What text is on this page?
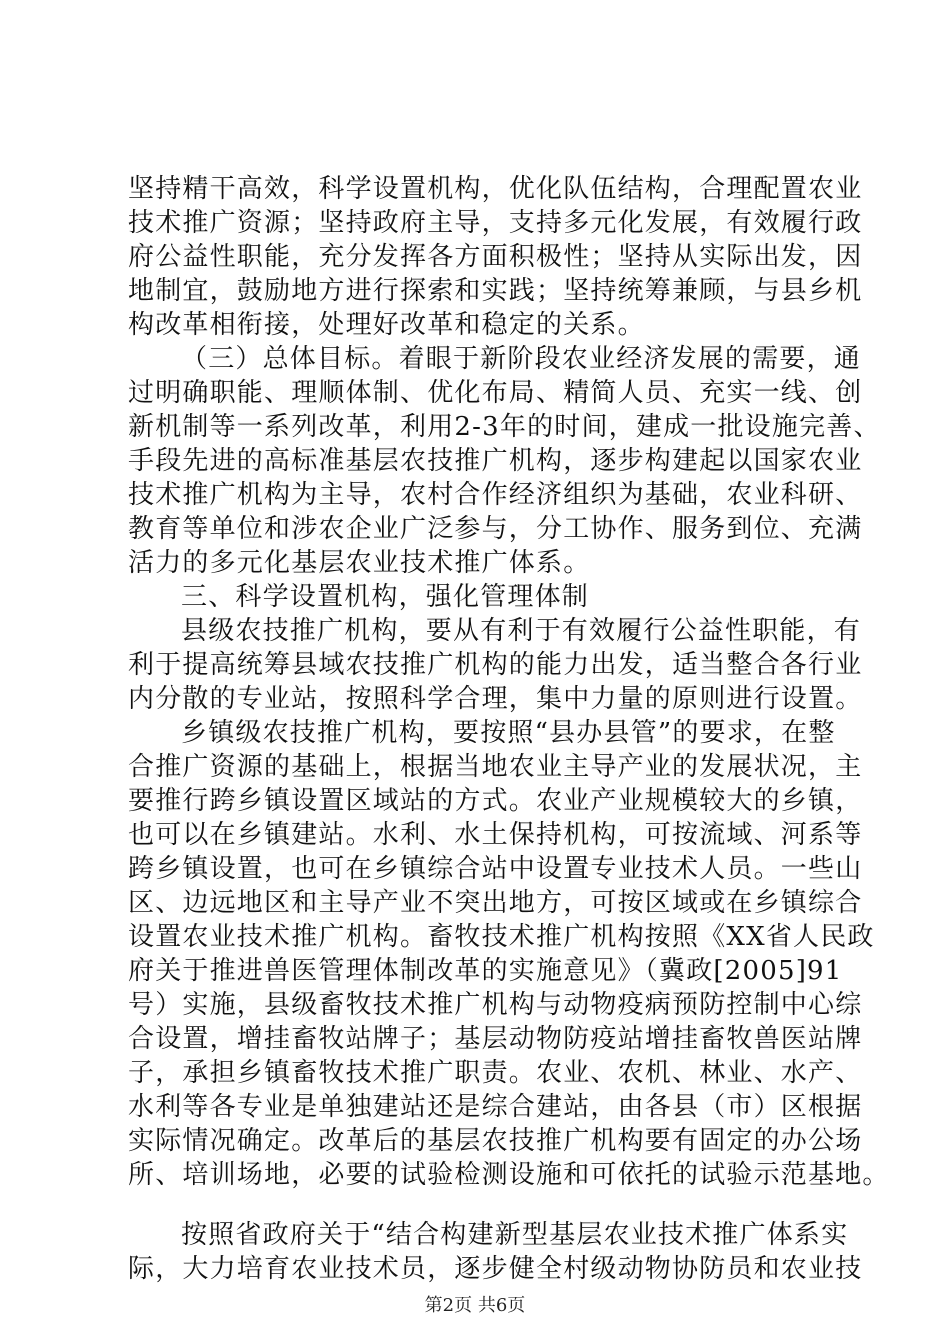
坚持精干高效，科学设置机构，优化队伍结构，合理配置农业
技术推广资源；坚持政府主导，支持多元化发展，有效履行政
府公益性职能，充分发挥各方面积极性；坚持从实际出发，因
地制宜，鼓励地方进行探索和实践；坚持统筹兼顾，与县乡机
构改革相衔接，处理好改革和稳定的关系。
（三）总体目标。着眼于新阶段农业经济发展的需要，通
过明确职能、理顺体制、优化布局、精简人员、充实一线、创
新机制等一系列改革，利用2-3年的时间，建成一批设施完善、
手段先进的高标准基层农技推广机构，逐步构建起以国家农业
技术推广机构为主导，农村合作经济组织为基础，农业科研、
教育等单位和涉农企业广泛参与，分工协作、服务到位、充满
活力的多元化基层农业技术推广体系。
三、科学设置机构，强化管理体制
县级农技推广机构，要从有利于有效履行公益性职能，有
利于提高统筹县域农技推广机构的能力出发，适当整合各行业
内分散的专业站，按照科学合理，集中力量的原则进行设置。
乡镇级农技推广机构，要按照“县办县管”的要求，在整
合推广资源的基础上，根据当地农业主导产业的发展状况，主
要推行跨乡镇设置区域站的方式。农业产业规模较大的乡镇，
也可以在乡镇建站。水利、水土保持机构，可按流域、河系等
跨乡镇设置，也可在乡镇综合站中设置专业技术人员。一些山
区、边远地区和主导产业不突出地方，可按区域或在乡镇综合
设置农业技术推广机构。畜牧技术推广机构按照《XX省人民政
府关于推进兽医管理体制改革的实施意见》（冀政[2005]91
号）实施，县级畜牧技术推广机构与动物疫病预防控制中心综
合设置，增挂畜牧站牌子；基层动物防疫站增挂畜牧兽医站牌
子，承担乡镇畜牧技术推广职责。农业、农机、林业、水产、
水利等各专业是单独建站还是综合建站，由各县（市）区根据
实际情况确定。改革后的基层农技推广机构要有固定的办公场
所、培训场地，必要的试验检测设施和可依托的试验示范基地。
按照省政府关于“结合构建新型基层农业技术推广体系实
际，大力培育农业技术员，逐步健全村级动物协防员和农业技
第2页 共6页
